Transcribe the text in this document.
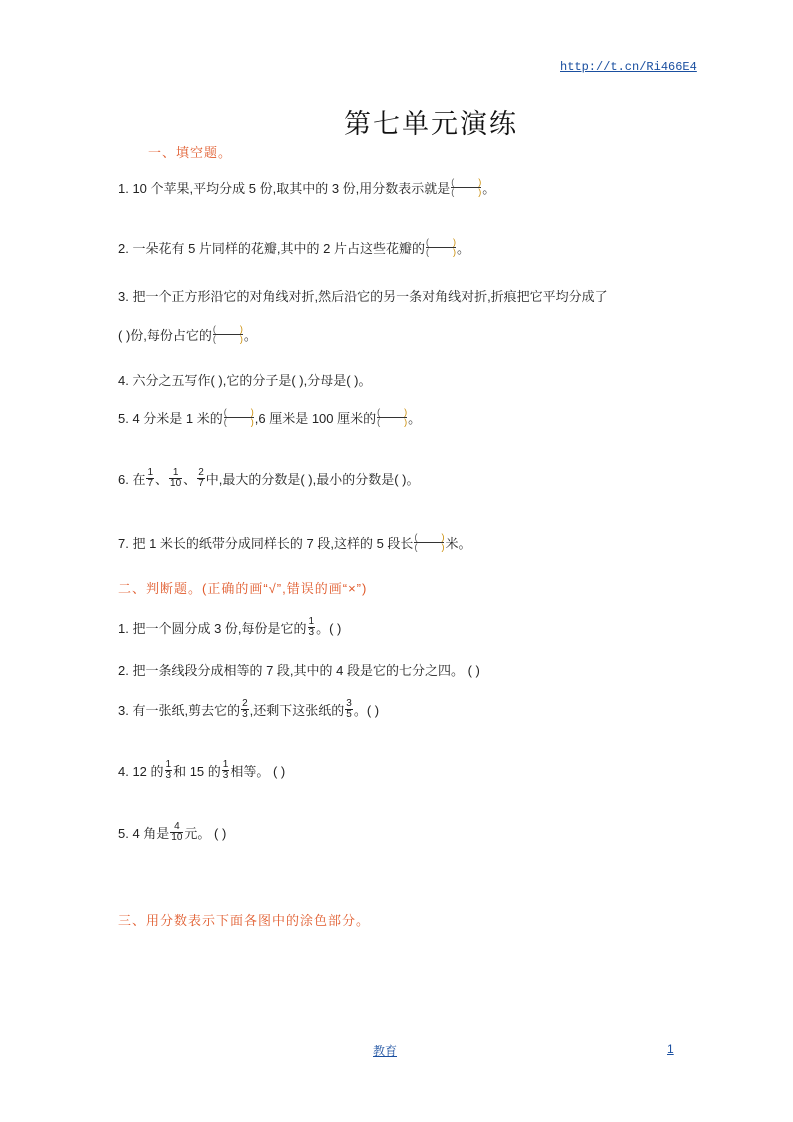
http://t.cn/Ri466E4
第七单元演练
一、填空题。
1. 10 个苹果,平均分成 5 份,取其中的 3 份,用分数表示就是 (	)
(	) 。
2. 一朵花有 5 片同样的花瓣,其中的 2 片占这些花瓣的 (	)
(	) 。
3. 把一个正方形沿它的对角线对折,然后沿它的另一条对角线对折,折痕把它平均分成了
( )份,每份占它的 (	)
(	) 。
4. 六分之五写作( ),它的分子是( ),分母是( )。
5. 4 分米是 1 米的 (	)
(	) ,6 厘米是 100 厘米的 (	)
(	) 。
6. 在 $\frac{1}{7}$ 、 $\frac{1}{10}$ 、 $\frac{2}{7}$ 中,最大的分数是( ),最小的分数是( )。
7. 把 1 米长的纸带分成同样长的 7 段,这样的 5 段长 (	)
(	) 米。
二、判断题。(正确的画“√”,错误的画“×”)
1. 把一个圆分成 3 份,每份是它的 $\frac{1}{3}$ 。( )
2. 把一条线段分成相等的 7 段,其中的 4 段是它的七分之四。 ( )
3. 有一张纸,剪去它的 $\frac{2}{3}$ ,还剩下这张纸的 $\frac{3}{5}$ 。( )
4. 12 的 $\frac{1}{3}$ 和 15 的 $\frac{1}{3}$ 相等。 ( )
5. 4 角是 $\frac{4}{10}$ 元。 ( )
三、用分数表示下面各图中的涂色部分。
教育	1
